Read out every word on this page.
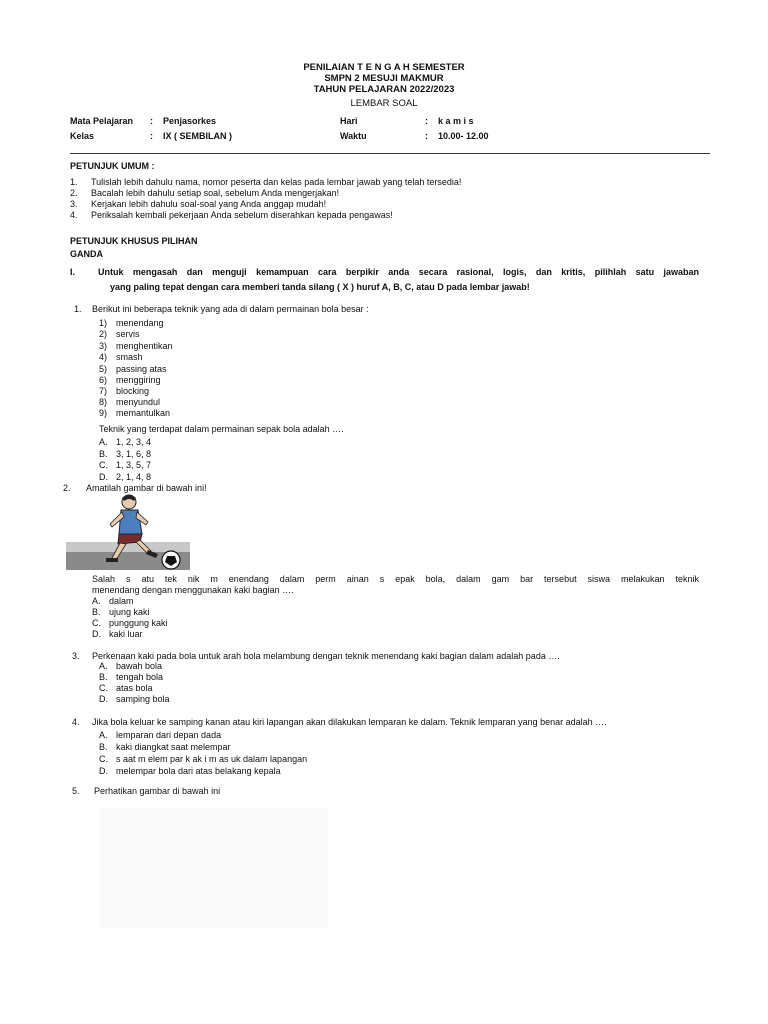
PENILAIAN T E N G A H SEMESTER
SMPN 2 MESUJI MAKMUR
TAHUN PELAJARAN 2022/2023
LEMBAR SOAL
Mata Pelajaran : Penjasorkes	Hari	: k a m i s
Kelas	: IX ( SEMBILAN )	Waktu	: 10.00- 12.00
PETUNJUK UMUM :
1. Tulislah lebih dahulu nama, nomor peserta dan kelas pada lembar jawab yang telah tersedia!
2. Bacalah lebih dahulu setiap soal, sebelum Anda mengerjakan!
3. Kerjakan lebih dahulu soal-soal yang Anda anggap mudah!
4. Periksalah kembali pekerjaan Anda sebelum diserahkan kepada pengawas!
PETUNJUK KHUSUS PILIHAN
GANDA
I.	Untuk mengasah dan menguji kemampuan cara berpikir anda secara rasional, logis, dan kritis, pilihlah satu jawaban
yang paling tepat dengan cara memberi tanda silang ( X ) huruf A, B, C, atau D pada lembar jawab!
1. Berikut ini beberapa teknik yang ada di dalam permainan bola besar :
1) menendang
2) servis
3) menghentikan
4) smash
5) passing atas
6) menggiring
7) blocking
8) menyundul
9) memantulkan
Teknik yang terdapat dalam permainan sepak bola adalah ….
A. 1, 2, 3, 4
B. 3, 1, 6, 8
C. 1, 3, 5, 7
D. 2, 1, 4, 8
2. Amatilah gambar di bawah ini!
Salah s atu tek nik m enendang dalam perm ainan s epak bola, dalam gam bar tersebut siswa melakukan teknik
menendang dengan menggunakan kaki bagian ….
A. dalam
B. ujung kaki
C. punggung kaki
D. kaki luar
3. Perkenaan kaki pada bola untuk arah bola melambung dengan teknik menendang kaki bagian dalam adalah pada ….
A. bawah bola
B. tengah bola
C. atas bola
D. samping bola
4. Jika bola keluar ke samping kanan atau kiri lapangan akan dilakukan lemparan ke dalam. Teknik lemparan yang benar adalah ….
A. lemparan dari depan dada
B. kaki diangkat saat melempar
C. s aat m elem par k ak i m as uk dalam lapangan
D. melempar bola dari atas belakang kepala
5. Perhatikan gambar di bawah ini
